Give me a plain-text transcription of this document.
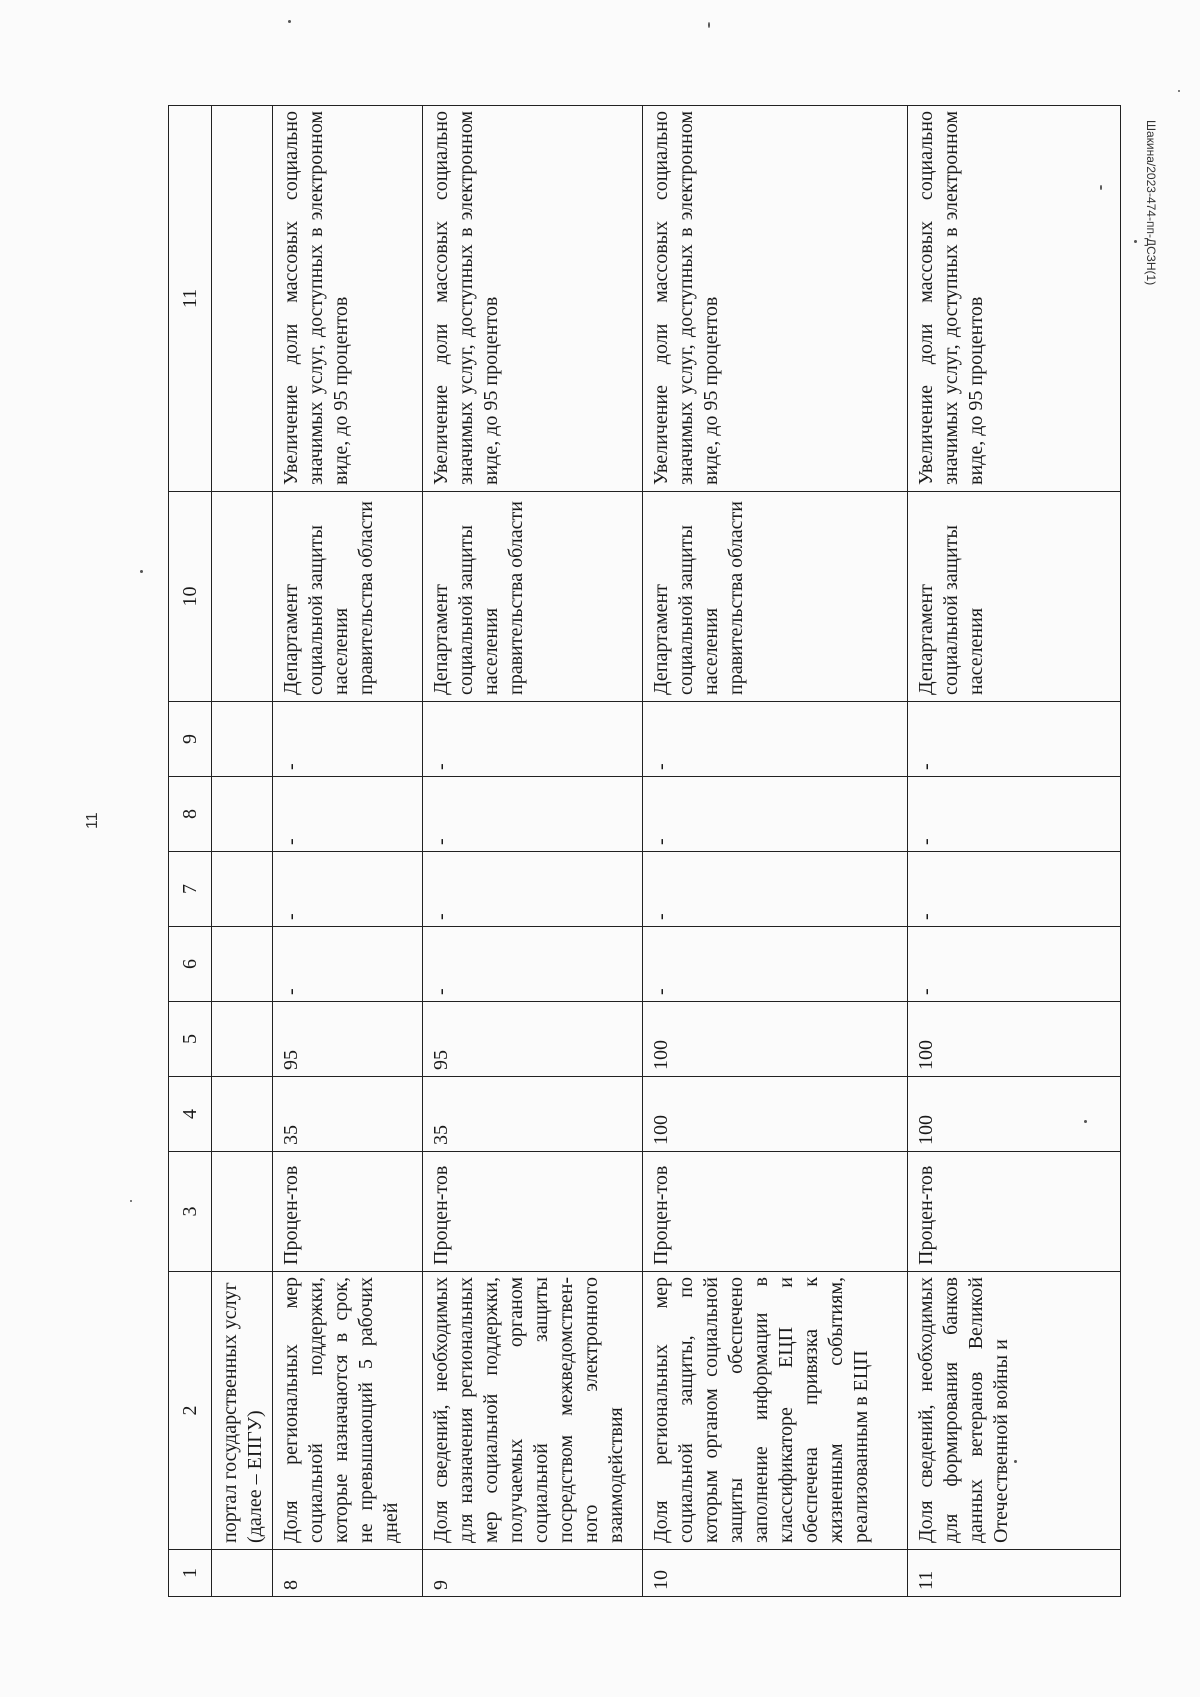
11
Шакина/2023-474-пп-ДСЗН(1)
1	2	3	4	5	6	7	8	9	10	11
	портал государственных услуг (далее – ЕПГУ)									
8	Доля региональных мер социальной поддержки, которые назначаются в срок, не превышающий 5 рабочих дней	Процен-тов	35	95	-	-	-	-	Департамент социальной защиты населения правительства области	Увеличение доли массовых социально значимых услуг, доступных в электронном виде, до 95 процентов
9	Доля сведений, необходимых для назначения региональных мер социальной поддержки, получаемых органом социальной защиты посредством межведомствен-ного электронного взаимодействия	Процен-тов	35	95	-	-	-	-	Департамент социальной защиты населения правительства области	Увеличение доли массовых социально значимых услуг, доступных в электронном виде, до 95 процентов
10	Доля региональных мер социальной защиты, по которым органом социальной защиты обеспечено заполнение информации в классификаторе ЕЦП и обеспечена привязка к жизненным событиям, реализованным в ЕЦП	Процен-тов	100	100	-	-	-	-	Департамент социальной защиты населения правительства области	Увеличение доли массовых социально значимых услуг, доступных в электронном виде, до 95 процентов
11	Доля сведений, необходимых для формирования банков данных ветеранов Великой Отечественной войны и	Процен-тов	100	100	-	-	-	-	Департамент социальной защиты населения	Увеличение доли массовых социально значимых услуг, доступных в электронном виде, до 95 процентов
